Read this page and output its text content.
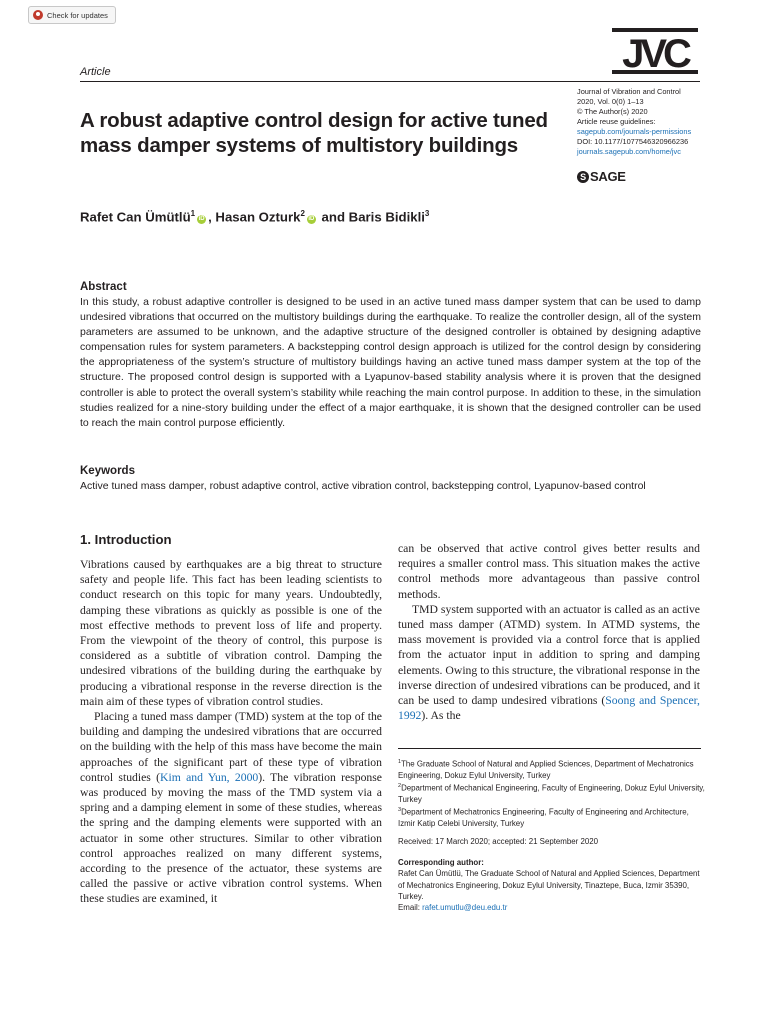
Check for updates
JVC
Article
Journal of Vibration and Control
2020, Vol. 0(0) 1–13
© The Author(s) 2020
Article reuse guidelines:
sagepub.com/journals-permissions
DOI: 10.1177/1077546320966236
journals.sagepub.com/home/jvc
S SAGE
A robust adaptive control design for active tuned mass damper systems of multistory buildings
Rafet Can Ümütlü$^1$iD , Hasan Ozturk$^2$iD and Baris Bidikli$^3$
Abstract
In this study, a robust adaptive controller is designed to be used in an active tuned mass damper system that can be used to damp undesired vibrations that occurred on the multistory buildings during the earthquake. To realize the controller design, all of the system parameters are assumed to be unknown, and the adaptive structure of the designed controller is obtained by designing adaptive compensation rules for system parameters. A backstepping control design approach is utilized for the control design by considering the appropriateness of the system’s structure of multistory buildings having an active tuned mass damper system at the top of the structure. The proposed control design is supported with a Lyapunov-based stability analysis where it is proven that the designed controller is able to protect the overall system’s stability while reaching the main control purpose. In addition to these, in the simulation studies realized for a nine-story building under the effect of a major earthquake, it is shown that the designed controller can be used to reach the main control purpose efficiently.
Keywords
Active tuned mass damper, robust adaptive control, active vibration control, backstepping control, Lyapunov-based control
1. Introduction

Vibrations caused by earthquakes are a big threat to structure safety and people life. This fact has been leading scientists to conduct research on this topic for many years. Undoubtedly, damping these vibrations as quickly as possible is one of the most effective methods to prevent loss of life and property. From the viewpoint of the theory of control, this purpose is considered as a subtitle of vibration control. Damping the undesired vibrations of the building during the earthquake by producing a vibrational response in the reverse direction is the main aim of these types of vibration control studies.

Placing a tuned mass damper (TMD) system at the top of the building and damping the undesired vibrations that are occurred on the building with the help of this mass have become the main approaches of the significant part of these type of vibration control studies (Kim and Yun, 2000). The vibration response was produced by moving the mass of the TMD system via a spring and a damping element in some of these studies, whereas the spring and the damping elements were supported with an actuator in some other structures. Similar to other vibration control approaches realized on many different systems, according to the presence of the actuator, these systems are called the passive or active vibration control systems. When these studies are examined, it

can be observed that active control gives better results and requires a smaller control mass. This situation makes the active control methods more advantageous than passive control methods.

TMD system supported with an actuator is called as an active tuned mass damper (ATMD) system. In ATMD systems, the mass movement is provided via a control force that is applied from the actuator input in addition to spring and damping elements. Owing to this structure, the vibrational response in the inverse direction of undesired vibrations can be produced, and it can be used to damp undesired vibrations (Soong and Spencer, 1992). As the

$^1$The Graduate School of Natural and Applied Sciences, Department of Mechatronics Engineering, Dokuz Eylul University, Turkey

$^2$Department of Mechanical Engineering, Faculty of Engineering, Dokuz Eylul University, Turkey

$^3$Department of Mechatronics Engineering, Faculty of Engineering and Architecture, Izmir Katip Celebi University, Turkey

Received: 17 March 2020; accepted: 21 September 2020

Corresponding author:

Rafet Can Ümütlü, The Graduate School of Natural and Applied Sciences, Department of Mechatronics Engineering, Dokuz Eylul University, Tinaztepe, Buca, Izmir 35390, Turkey.

Email: rafet.umutlu@deu.edu.tr
